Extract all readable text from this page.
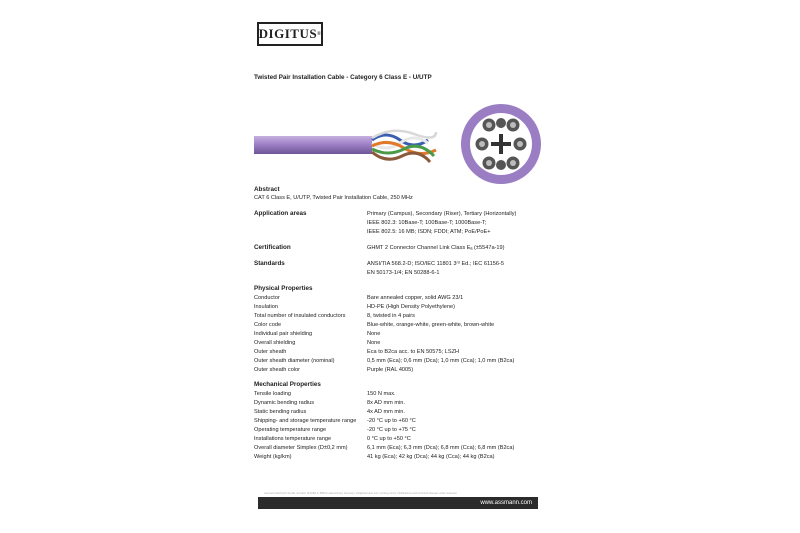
DIGITUS ®
Twisted Pair Installation Cable - Category 6 Class E - U/UTP
Abstract
CAT 6 Class E, U/UTP, Twisted Pair Installation Cable, 250 MHz
Application areas	Primary (Campus), Secondary (Riser), Tertiary (Horizontally)
IEEE 802.3: 10Base-T; 100Base-T; 1000Base-T;
IEEE 802.5: 16 MB; ISDN; FDDI; ATM; PoE/PoE+
Certification	GHMT 2 Connector Channel Link Class Eₐ (±5547a-19)
Standards	ANSI/TIA 568.2-D; ISO/IEC 11801 3ʳᵈ Ed.; IEC 61156-5
EN 50173-1/4; EN 50288-6-1
Physical Properties
Conductor	Bare annealed copper, solid AWG 23/1
Insulation	HD-PE (High Density Polyethylene)
Total number of insulated conductors	8, twisted in 4 pairs
Color code	Blue-white, orange-white, green-white, brown-white
Individual pair shielding	None
Overall shielding	None
Outer sheath	Eca to B2ca acc. to EN 50575; LSZH
Outer sheath diameter (nominal)	0,5 mm (Eca); 0,6 mm (Dca); 1,0 mm (Cca); 1,0 mm (B2ca)
Outer sheath color	Purple (RAL 4005)
Mechanical Properties
Tensile loading	150 N max.
Dynamic bending radius	8x AD mm min.
Static bending radius	4x AD mm min.
Shipping- and storage temperature range -20 °C up to +60 °C
Operating temperature range	-20 °C up to +75 °C
Installations temperature range	0 °C up to +50 °C
Overall diameter Simplex (D±0,2 mm)	6,1 mm (Eca); 6,3 mm (Dca); 6,8 mm (Cca); 6,8 mm (B2ca)
Weight (kg/km)	41 kg (Eca); 42 kg (Dca); 44 kg (Cca); 44 kg (B2ca)
Assmann Electronic GmbH, Auf dem Schüffel 3, 58513 Lüdenscheid, Germany, info@assmann.com, printing errors, Notifications and technical changes under reserved
www.assmann.com
